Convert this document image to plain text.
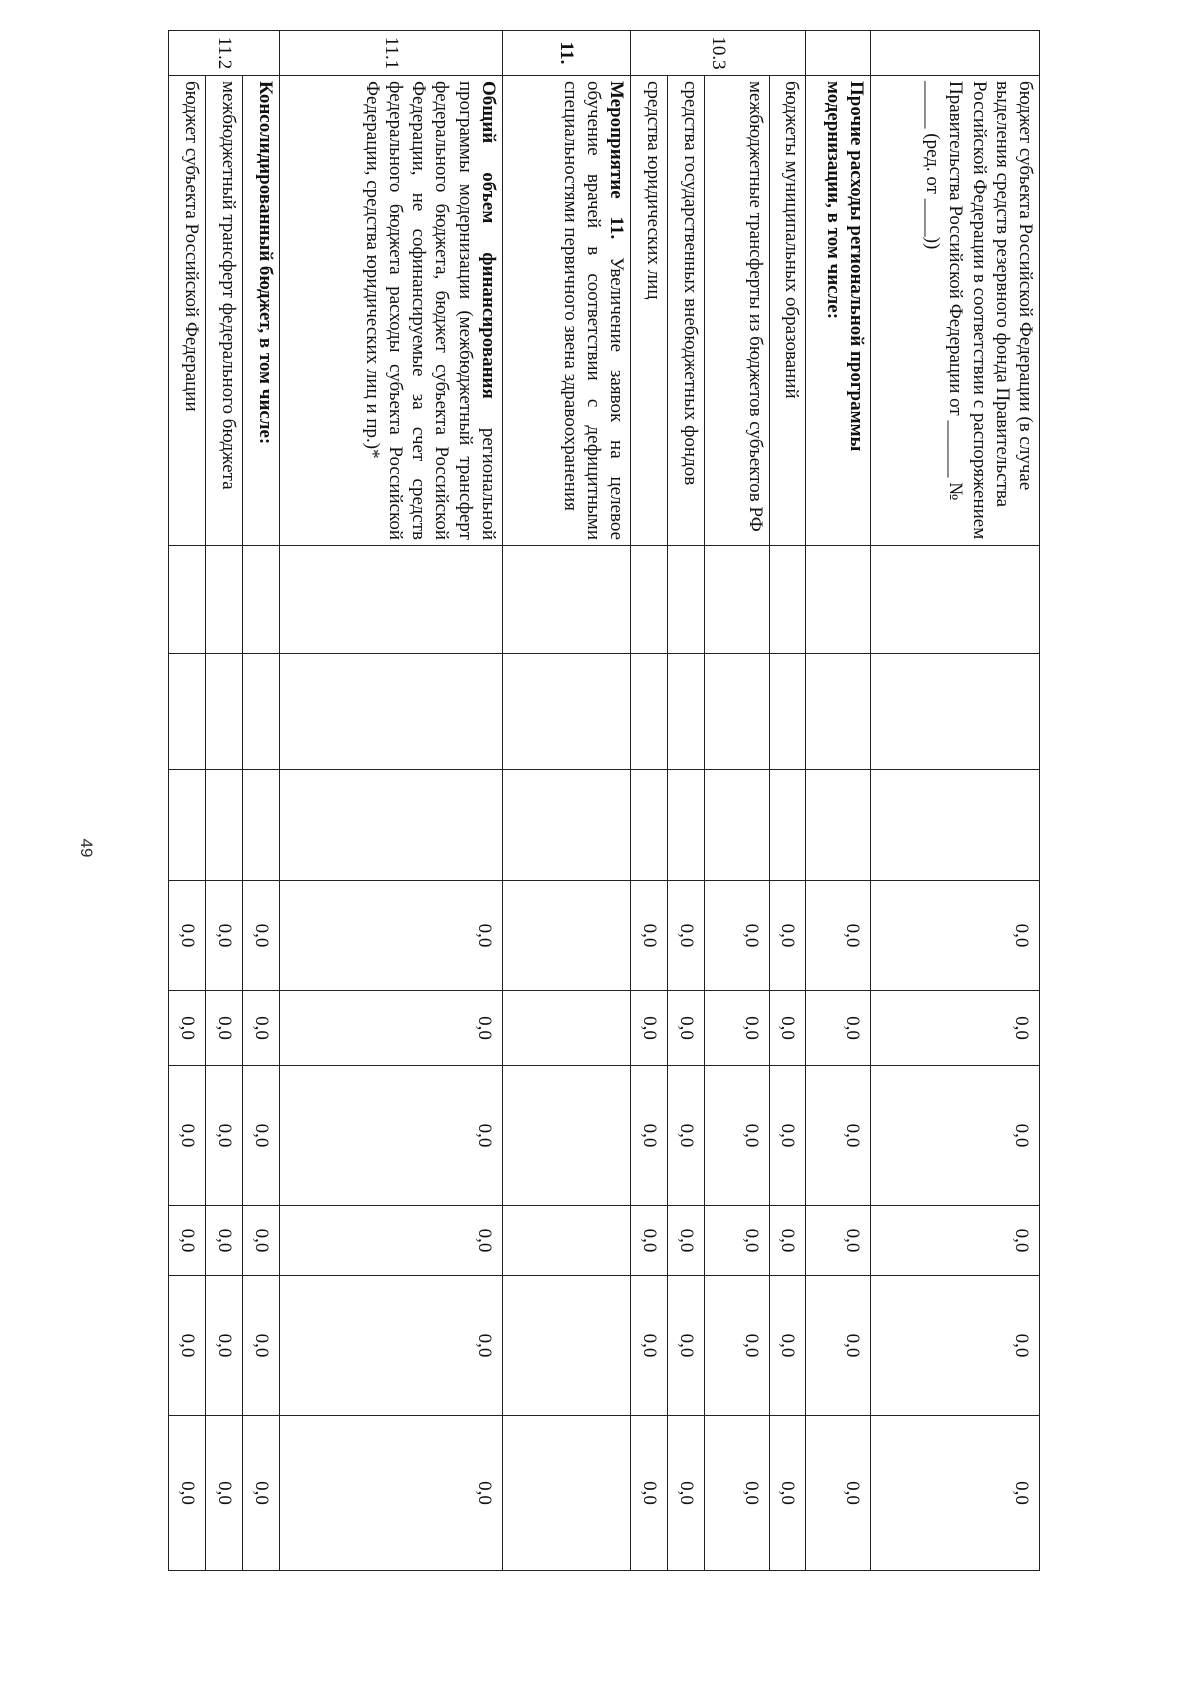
49
	бюджет субъекта Российской Федерации (в случае выделения средств резервного фонда Правительства Российской Федерации в соответствии с распоряжением Правительства Российской Федерации от ______ № _____ (ред. от ____))				0,0	0,0	0,0	0,0	0,0	0,0
	Прочие расходы региональной программы модернизации, в том числе:				0,0	0,0	0,0	0,0	0,0	0,0
10.3	бюджеты муниципальных образований				0,0	0,0	0,0	0,0	0,0	0,0
	межбюджетные трансферты из бюджетов субъектов РФ				0,0	0,0	0,0	0,0	0,0	0,0
	средства государственных внебюджетных фондов				0,0	0,0	0,0	0,0	0,0	0,0
	средства юридических лиц				0,0	0,0	0,0	0,0	0,0	0,0
11.	Мероприятие 11. Увеличение заявок на целевое обучение врачей в соответствии с дефицитными специальностями первичного звена здравоохранения									
11.1	Общий объем финансирования региональной программы модернизации (межбюджетный трансферт федерального бюджета, бюджет субъекта Российской Федерации, не софинансируемые за счет средств федерального бюджета расходы субъекта Российской Федерации, средства юридических лиц и пр.)*				0,0	0,0	0,0	0,0	0,0	0,0
11.2	Консолидированный бюджет, в том числе:				0,0	0,0	0,0	0,0	0,0	0,0
	межбюджетный трансферт федерального бюджета				0,0	0,0	0,0	0,0	0,0	0,0
	бюджет субъекта Российской Федерации				0,0	0,0	0,0	0,0	0,0	0,0
